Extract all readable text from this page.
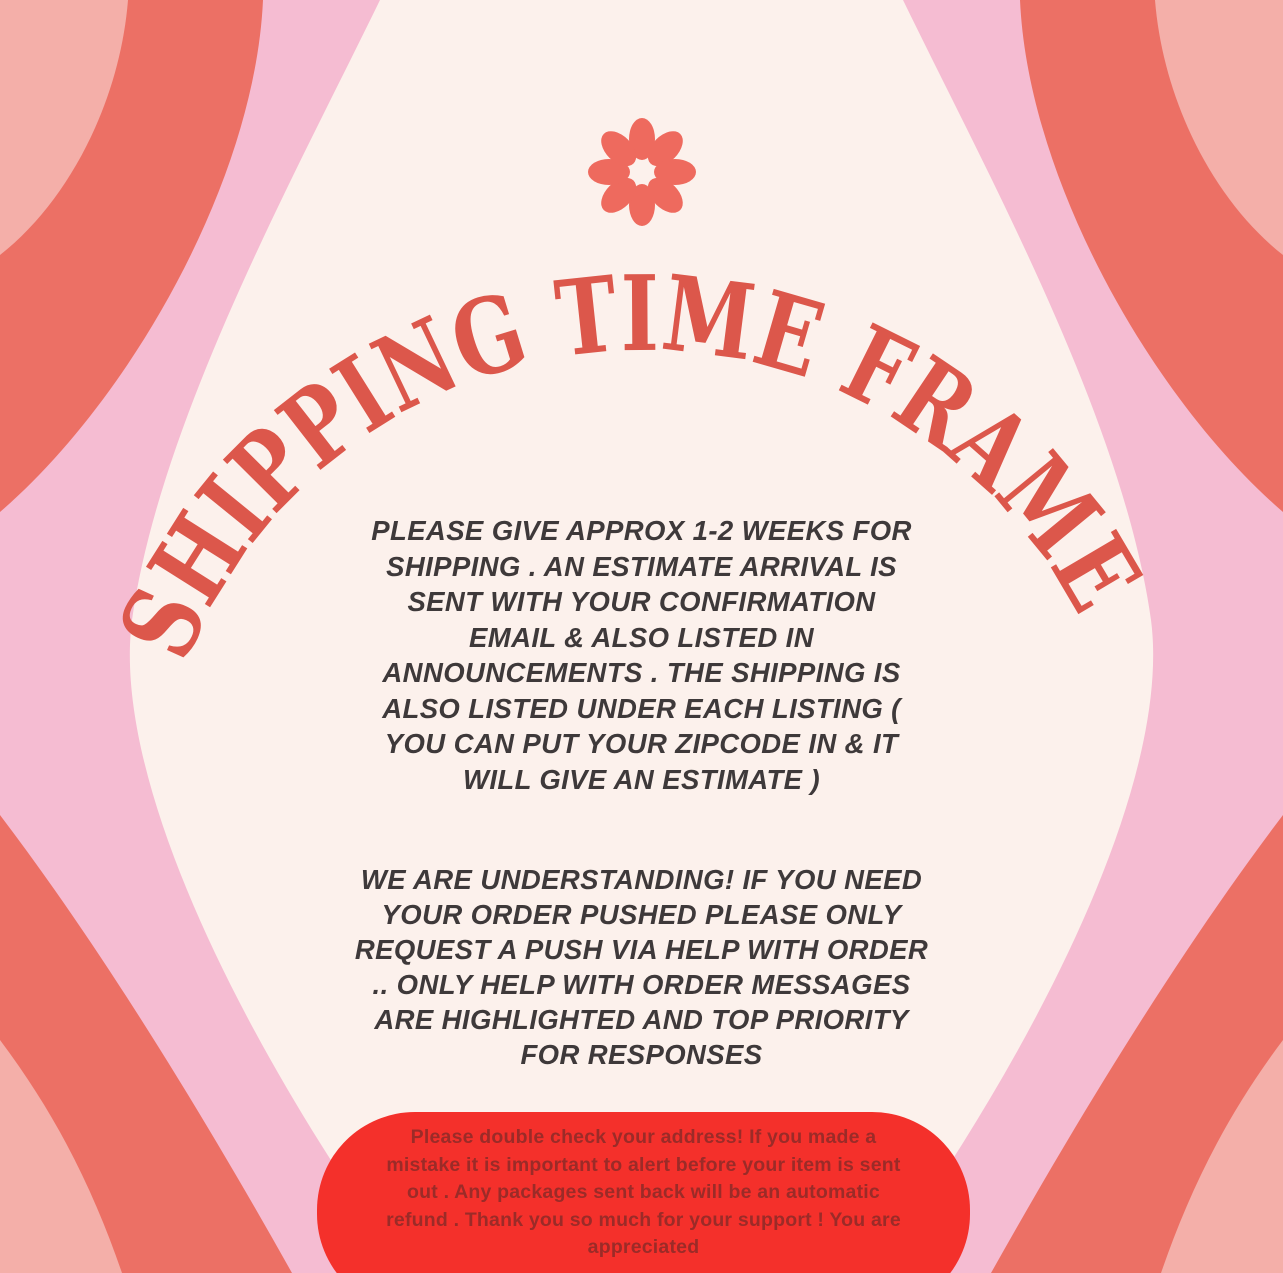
SHIPPING TIME FRAME
PLEASE GIVE APPROX 1-2 WEEKS FOR
SHIPPING . AN ESTIMATE ARRIVAL IS
SENT WITH YOUR CONFIRMATION
EMAIL & ALSO LISTED IN
ANNOUNCEMENTS . THE SHIPPING IS
ALSO LISTED UNDER EACH LISTING (
YOU CAN PUT YOUR ZIPCODE IN & IT
WILL GIVE AN ESTIMATE )
WE ARE UNDERSTANDING! IF YOU NEED
YOUR ORDER PUSHED PLEASE ONLY
REQUEST A PUSH VIA HELP WITH ORDER
.. ONLY HELP WITH ORDER MESSAGES
ARE HIGHLIGHTED AND TOP PRIORITY
FOR RESPONSES
Please double check your address! If you made a
mistake it is important to alert before your item is sent
out . Any packages sent back will be an automatic
refund . Thank you so much for your support ! You are
appreciated
